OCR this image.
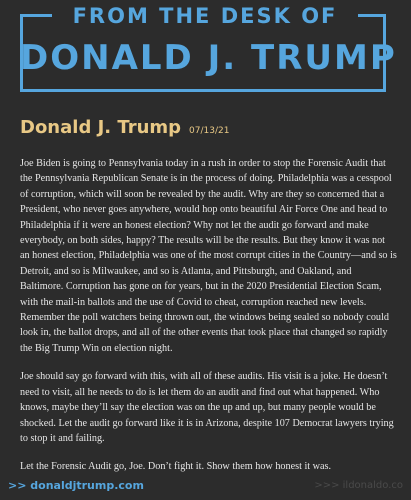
FROM THE DESK OF
DONALD J. TRUMP
Donald J. Trump 07/13/21

Joe Biden is going to Pennsylvania today in a rush in order to stop the Forensic Audit that the Pennsylvania Republican Senate is in the process of doing. Philadelphia was a cesspool of corruption, which will soon be revealed by the audit. Why are they so concerned that a President, who never goes anywhere, would hop onto beautiful Air Force One and head to Philadelphia if it were an honest election? Why not let the audit go forward and make everybody, on both sides, happy? The results will be the results. But they know it was not an honest election, Philadelphia was one of the most corrupt cities in the Country—and so is Detroit, and so is Milwaukee, and so is Atlanta, and Pittsburgh, and Oakland, and Baltimore. Corruption has gone on for years, but in the 2020 Presidential Election Scam, with the mail-in ballots and the use of Covid to cheat, corruption reached new levels. Remember the poll watchers being thrown out, the windows being sealed so nobody could look in, the ballot drops, and all of the other events that took place that changed so rapidly the Big Trump Win on election night.

Joe should say go forward with this, with all of these audits. His visit is a joke. He doesn’t need to visit, all he needs to do is let them do an audit and find out what happened. Who knows, maybe they’ll say the election was on the up and up, but many people would be shocked. Let the audit go forward like it is in Arizona, despite 107 Democrat lawyers trying to stop it and failing.

Let the Forensic Audit go, Joe. Don’t fight it. Show them how honest it was.

>> donaldjtrump.com	>>> ildonaldo.co
